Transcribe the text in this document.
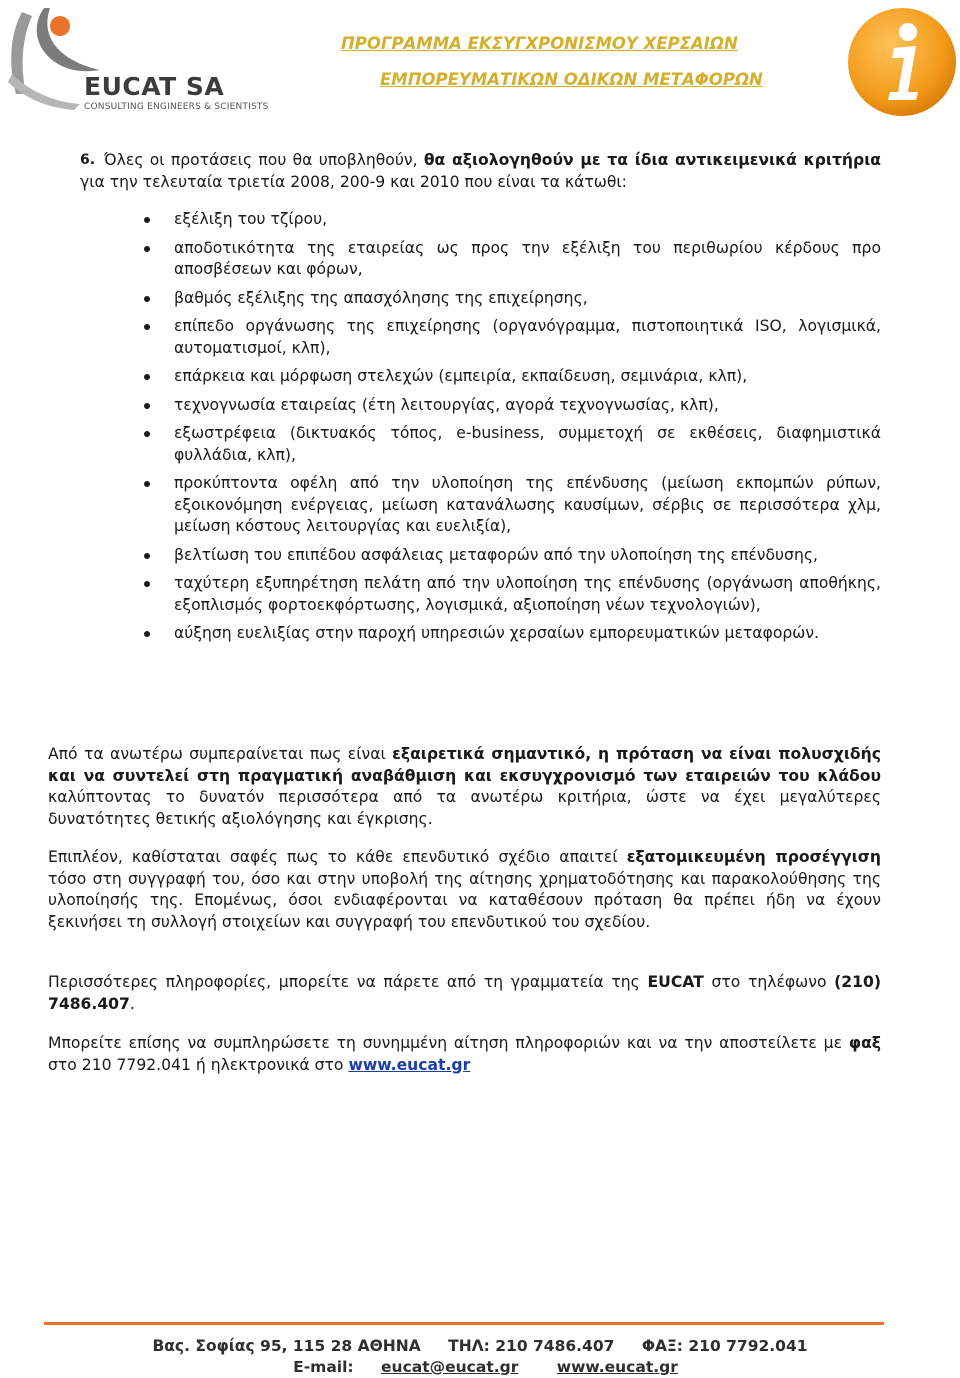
EUCAT SA
CONSULTING ENGINEERS & SCIENTISTS
ΠΡΟΓΡΑΜΜΑ ΕΚΣΥΓΧΡΟΝΙΣΜΟΥ ΧΕΡΣΑΙΩΝ
ΕΜΠΟΡΕΥΜΑΤΙΚΩΝ ΟΔΙΚΩΝ ΜΕΤΑΦΟΡΩΝ

6. Όλες οι προτάσεις που θα υποβληθούν, θα αξιολογηθούν με τα ίδια αντικειμενικά κριτήρια για την τελευταία τριετία 2008, 200-9 και 2010 που είναι τα κάτωθι:

εξέλιξη του τζίρου,
αποδοτικότητα της εταιρείας ως προς την εξέλιξη του περιθωρίου κέρδους προ αποσβέσεων και φόρων,
βαθμός εξέλιξης της απασχόλησης της επιχείρησης,
επίπεδο οργάνωσης της επιχείρησης (οργανόγραμμα, πιστοποιητικά ISO, λογισμικά, αυτοματισμοί, κλπ),
επάρκεια και μόρφωση στελεχών (εμπειρία, εκπαίδευση, σεμινάρια, κλπ),
τεχνογνωσία εταιρείας (έτη λειτουργίας, αγορά τεχνογνωσίας, κλπ),
εξωστρέφεια (δικτυακός τόπος, e-business, συμμετοχή σε εκθέσεις, διαφημιστικά φυλλάδια, κλπ),
προκύπτοντα οφέλη από την υλοποίηση της επένδυσης (μείωση εκπομπών ρύπων, εξοικονόμηση ενέργειας, μείωση κατανάλωσης καυσίμων, σέρβις σε περισσότερα χλμ, μείωση κόστους λειτουργίας και ευελιξία),
βελτίωση του επιπέδου ασφάλειας μεταφορών από την υλοποίηση της επένδυσης,
ταχύτερη εξυπηρέτηση πελάτη από την υλοποίηση της επένδυσης (οργάνωση αποθήκης, εξοπλισμός φορτοεκφόρτωσης, λογισμικά, αξιοποίηση νέων τεχνολογιών),
αύξηση ευελιξίας στην παροχή υπηρεσιών χερσαίων εμπορευματικών μεταφορών.

Από τα ανωτέρω συμπεραίνεται πως είναι εξαιρετικά σημαντικό, η πρόταση να είναι πολυσχιδής και να συντελεί στη πραγματική αναβάθμιση και εκσυγχρονισμό των εταιρειών του κλάδου καλύπτοντας το δυνατόν περισσότερα από τα ανωτέρω κριτήρια, ώστε να έχει μεγαλύτερες δυνατότητες θετικής αξιολόγησης και έγκρισης.

Επιπλέον, καθίσταται σαφές πως το κάθε επενδυτικό σχέδιο απαιτεί εξατομικευμένη προσέγγιση τόσο στη συγγραφή του, όσο και στην υποβολή της αίτησης χρηματοδότησης και παρακολούθησης της υλοποίησής της. Επομένως, όσοι ενδιαφέρονται να καταθέσουν πρόταση θα πρέπει ήδη να έχουν ξεκινήσει τη συλλογή στοιχείων και συγγραφή του επενδυτικού του σχεδίου.

Περισσότερες πληροφορίες, μπορείτε να πάρετε από τη γραμματεία της EUCAT στο τηλέφωνο (210) 7486.407.

Μπορείτε επίσης να συμπληρώσετε τη συνημμένη αίτηση πληροφοριών και να την αποστείλετε με φαξ στο 210 7792.041 ή ηλεκτρονικά στο www.eucat.gr

Βας. Σοφίας 95, 115 28 ΑΘΗΝΑ ΤΗΛ: 210 7486.407 ΦΑΞ: 210 7792.041
E-mail: eucat@eucat.gr www.eucat.gr
